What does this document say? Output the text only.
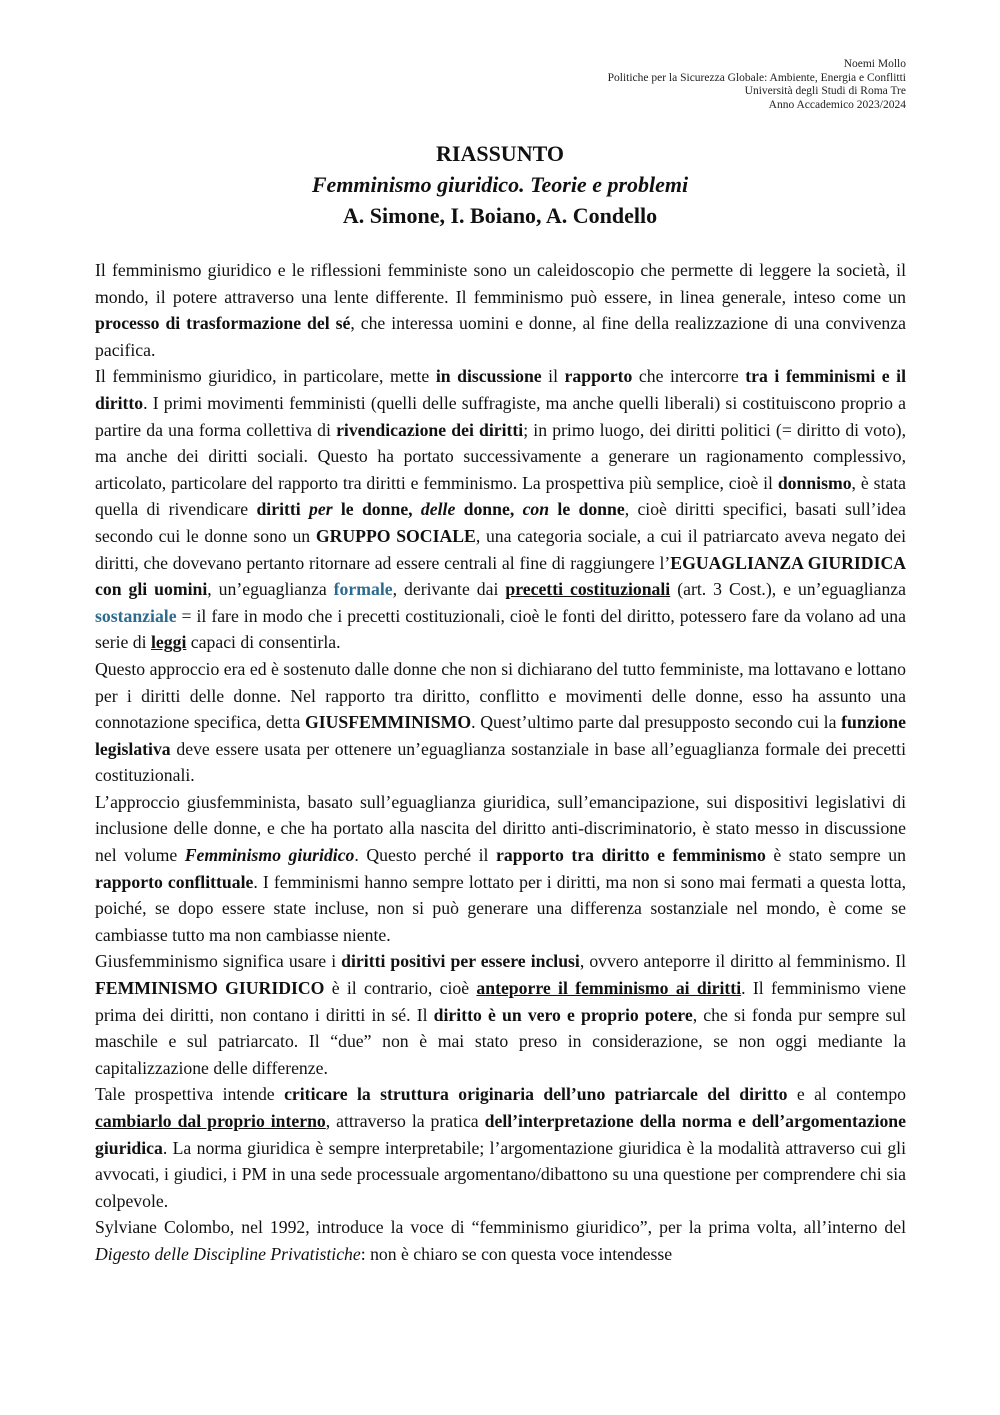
Noemi Mollo
Politiche per la Sicurezza Globale: Ambiente, Energia e Conflitti
Università degli Studi di Roma Tre
Anno Accademico 2023/2024
RIASSUNTO
Femminismo giuridico. Teorie e problemi
A. Simone, I. Boiano, A. Condello

Il femminismo giuridico e le riflessioni femministe sono un caleidoscopio che permette di leggere la società, il mondo, il potere attraverso una lente differente. Il femminismo può essere, in linea generale, inteso come un processo di trasformazione del sé, che interessa uomini e donne, al fine della realizzazione di una convivenza pacifica.

Il femminismo giuridico, in particolare, mette in discussione il rapporto che intercorre tra i femminismi e il diritto. I primi movimenti femministi (quelli delle suffragiste, ma anche quelli liberali) si costituiscono proprio a partire da una forma collettiva di rivendicazione dei diritti; in primo luogo, dei diritti politici (= diritto di voto), ma anche dei diritti sociali. Questo ha portato successivamente a generare un ragionamento complessivo, articolato, particolare del rapporto tra diritti e femminismo. La prospettiva più semplice, cioè il donnismo, è stata quella di rivendicare diritti per le donne, delle donne, con le donne, cioè diritti specifici, basati sull’idea secondo cui le donne sono un GRUPPO SOCIALE, una categoria sociale, a cui il patriarcato aveva negato dei diritti, che dovevano pertanto ritornare ad essere centrali al fine di raggiungere l’EGUAGLIANZA GIURIDICA con gli uomini, un’eguaglianza formale, derivante dai precetti costituzionali (art. 3 Cost.), e un’eguaglianza sostanziale = il fare in modo che i precetti costituzionali, cioè le fonti del diritto, potessero fare da volano ad una serie di leggi capaci di consentirla.

Questo approccio era ed è sostenuto dalle donne che non si dichiarano del tutto femministe, ma lottavano e lottano per i diritti delle donne. Nel rapporto tra diritto, conflitto e movimenti delle donne, esso ha assunto una connotazione specifica, detta GIUSFEMMINISMO. Quest’ultimo parte dal presupposto secondo cui la funzione legislativa deve essere usata per ottenere un’eguaglianza sostanziale in base all’eguaglianza formale dei precetti costituzionali.

L’approccio giusfemminista, basato sull’eguaglianza giuridica, sull’emancipazione, sui dispositivi legislativi di inclusione delle donne, e che ha portato alla nascita del diritto anti-discriminatorio, è stato messo in discussione nel volume Femminismo giuridico. Questo perché il rapporto tra diritto e femminismo è stato sempre un rapporto conflittuale. I femminismi hanno sempre lottato per i diritti, ma non si sono mai fermati a questa lotta, poiché, se dopo essere state incluse, non si può generare una differenza sostanziale nel mondo, è come se cambiasse tutto ma non cambiasse niente.

Giusfemminismo significa usare i diritti positivi per essere inclusi, ovvero anteporre il diritto al femminismo. Il FEMMINISMO GIURIDICO è il contrario, cioè anteporre il femminismo ai diritti. Il femminismo viene prima dei diritti, non contano i diritti in sé. Il diritto è un vero e proprio potere, che si fonda pur sempre sul maschile e sul patriarcato. Il “due” non è mai stato preso in considerazione, se non oggi mediante la capitalizzazione delle differenze.

Tale prospettiva intende criticare la struttura originaria dell’uno patriarcale del diritto e al contempo cambiarlo dal proprio interno, attraverso la pratica dell’interpretazione della norma e dell’argomentazione giuridica. La norma giuridica è sempre interpretabile; l’argomentazione giuridica è la modalità attraverso cui gli avvocati, i giudici, i PM in una sede processuale argomentano/dibattono su una questione per comprendere chi sia colpevole.

Sylviane Colombo, nel 1992, introduce la voce di “femminismo giuridico”, per la prima volta, all’interno del Digesto delle Discipline Privatistiche: non è chiaro se con questa voce intendesse
